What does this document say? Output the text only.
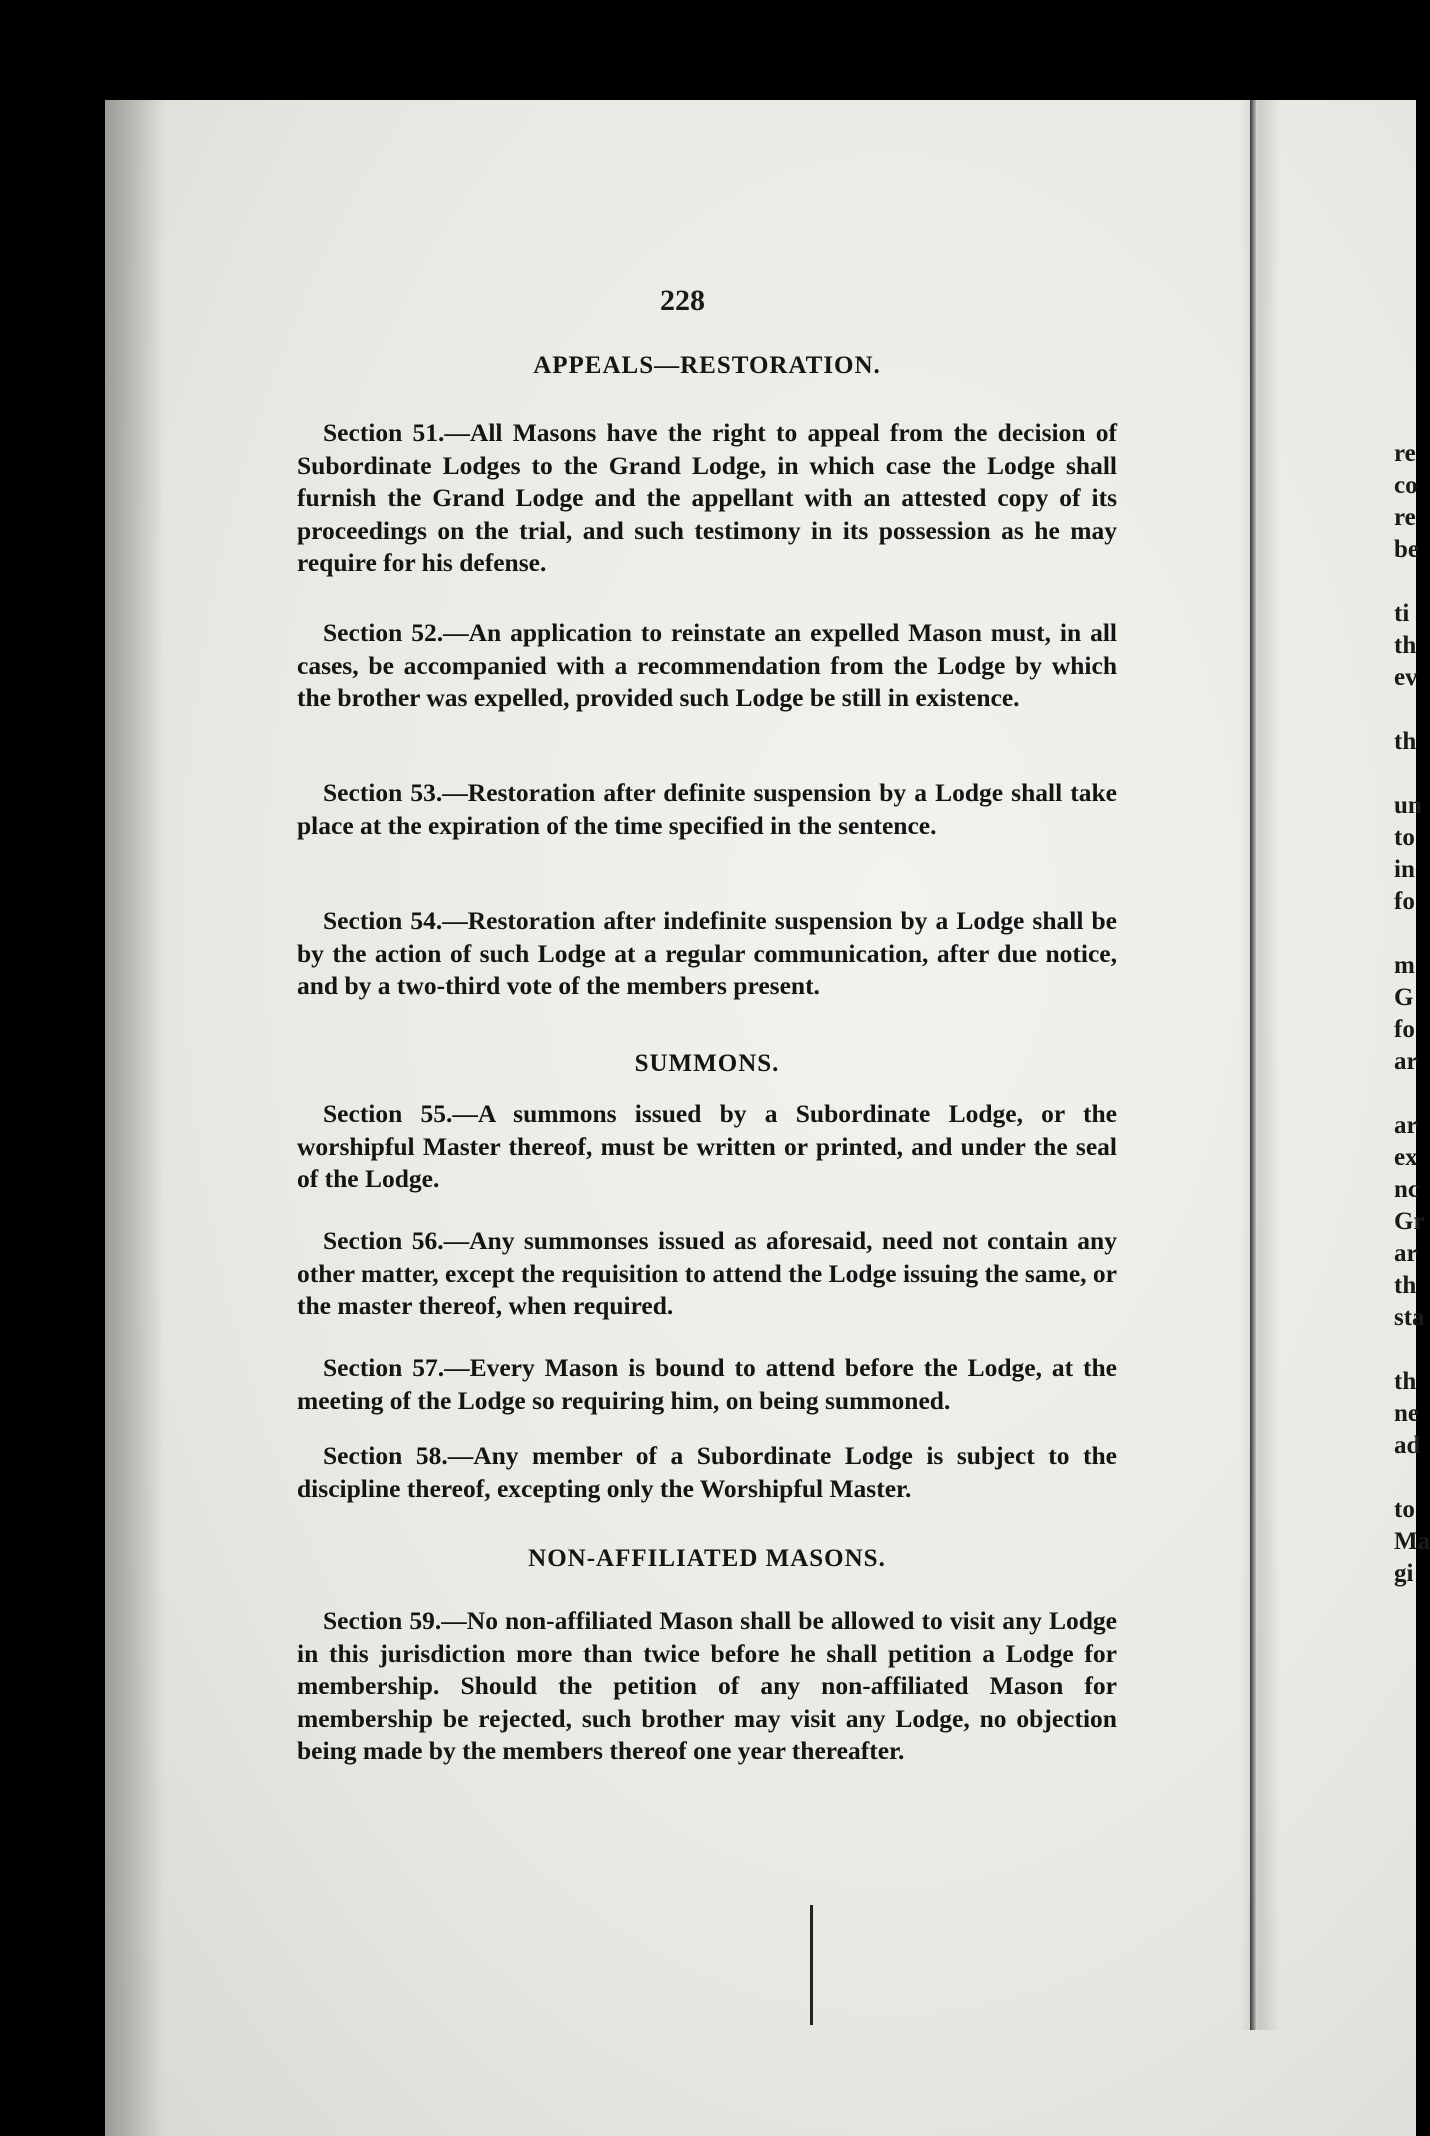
228
APPEALS—RESTORATION.

Section 51.—All Masons have the right to appeal from the decision of Subordinate Lodges to the Grand Lodge, in which case the Lodge shall furnish the Grand Lodge and the appellant with an attested copy of its proceedings on the trial, and such testimony in its possession as he may require for his defense.

Section 52.—An application to reinstate an expelled Mason must, in all cases, be accompanied with a recommendation from the Lodge by which the brother was expelled, provided such Lodge be still in existence.

Section 53.—Restoration after definite suspension by a Lodge shall take place at the expiration of the time specified in the sentence.

Section 54.—Restoration after indefinite suspension by a Lodge shall be by the action of such Lodge at a regular communication, after due notice, and by a two-third vote of the members present.

SUMMONS.

Section 55.—A summons issued by a Subordinate Lodge, or the worshipful Master thereof, must be written or printed, and under the seal of the Lodge.

Section 56.—Any summonses issued as aforesaid, need not contain any other matter, except the requisition to attend the Lodge issuing the same, or the master thereof, when required.

Section 57.—Every Mason is bound to attend before the Lodge, at the meeting of the Lodge so requiring him, on being summoned.

Section 58.—Any member of a Subordinate Lodge is subject to the discipline thereof, excepting only the Worshipful Master.

NON-AFFILIATED MASONS.

Section 59.—No non-affiliated Mason shall be allowed to visit any Lodge in this jurisdiction more than twice before he shall petition a Lodge for membership. Should the petition of any non-affiliated Mason for membership be rejected, such brother may visit any Lodge, no objection being made by the members thereof one year thereafter.

re
co
re
be
ti
th
ev
th
un
to
in
fo
m
G
fo
ar
ar
ex
nc
Gr
ar
th
sta
th
ne
ad
to
Ma
gi
